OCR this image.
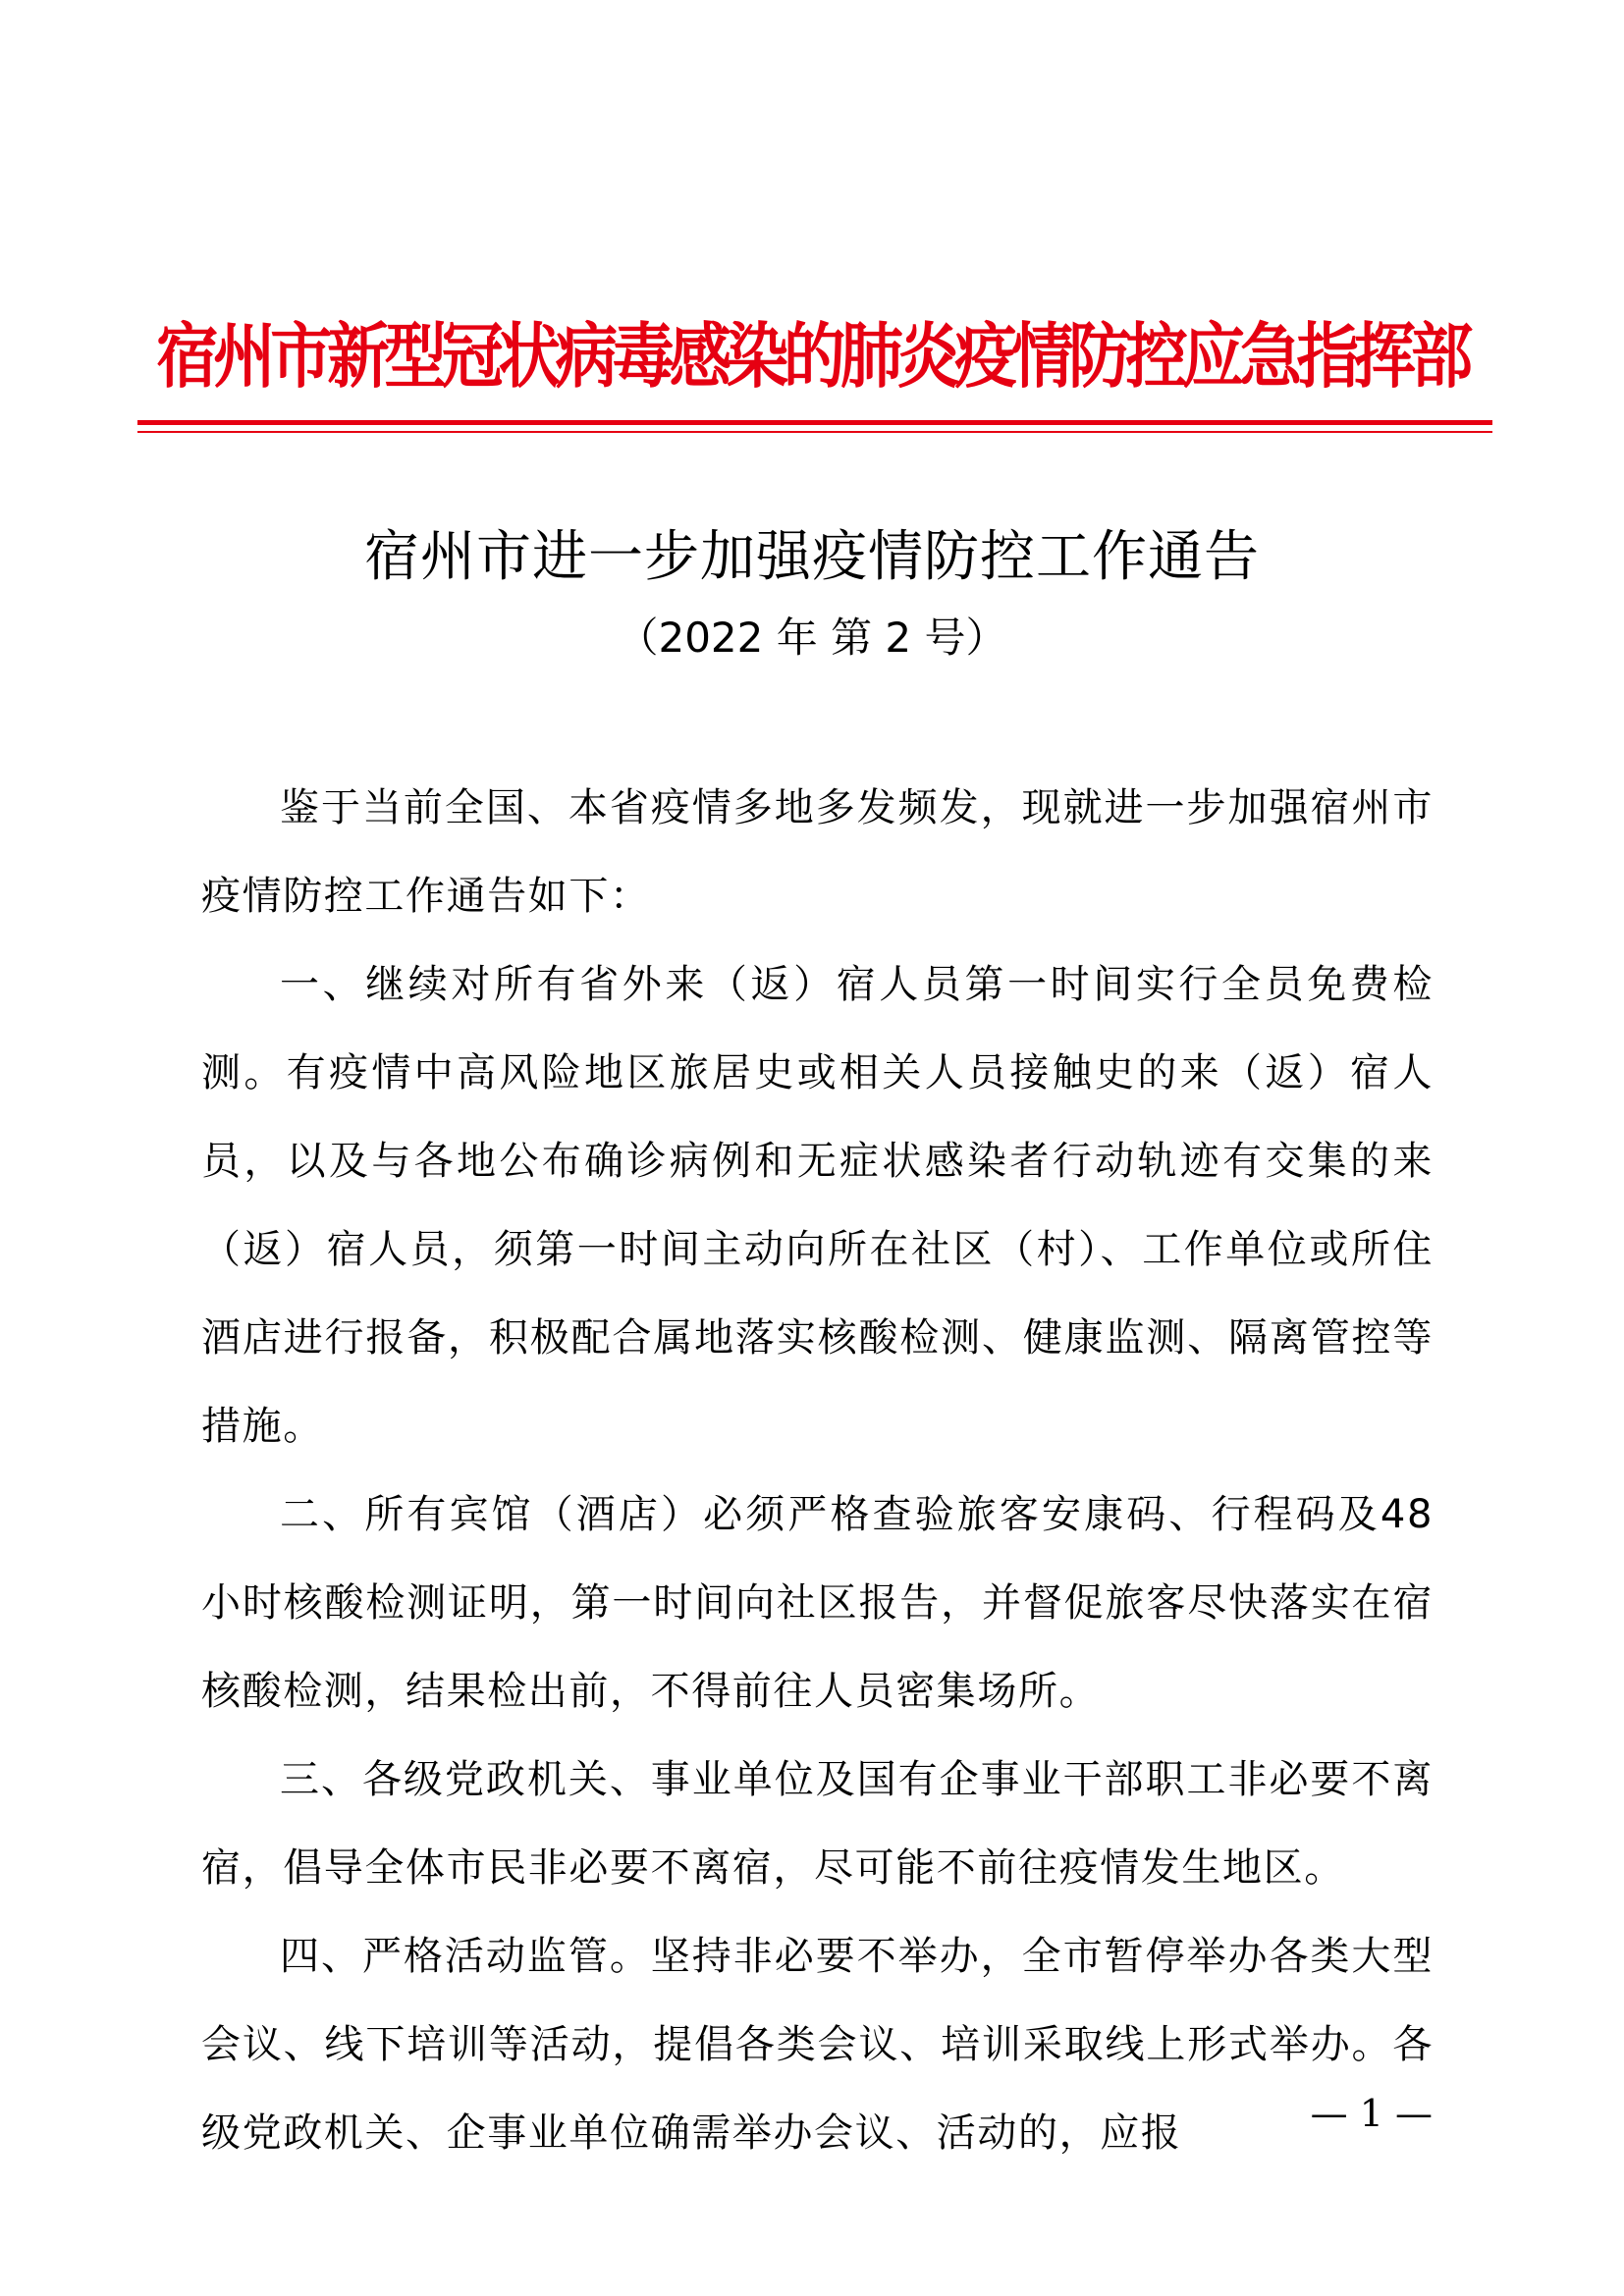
宿州市新型冠状病毒感染的肺炎疫情防控应急指挥部
宿州市进一步加强疫情防控工作通告
（2022 年 第 2 号）

鉴于当前全国、本省疫情多地多发频发，现就进一步加强宿州市疫情防控工作通告如下：

一、继续对所有省外来（返）宿人员第一时间实行全员免费检测。有疫情中高风险地区旅居史或相关人员接触史的来（返）宿人员，以及与各地公布确诊病例和无症状感染者行动轨迹有交集的来（返）宿人员，须第一时间主动向所在社区（村）、工作单位或所住酒店进行报备，积极配合属地落实核酸检测、健康监测、隔离管控等措施。

二、所有宾馆（酒店）必须严格查验旅客安康码、行程码及48 小时核酸检测证明，第一时间向社区报告，并督促旅客尽快落实在宿核酸检测，结果检出前，不得前往人员密集场所。

三、各级党政机关、事业单位及国有企事业干部职工非必要不离宿，倡导全体市民非必要不离宿，尽可能不前往疫情发生地区。

四、严格活动监管。坚持非必要不举办，全市暂停举办各类大型会议、线下培训等活动，提倡各类会议、培训采取线上形式举办。各级党政机关、企事业单位确需举办会议、活动的，应报	— 1 —
